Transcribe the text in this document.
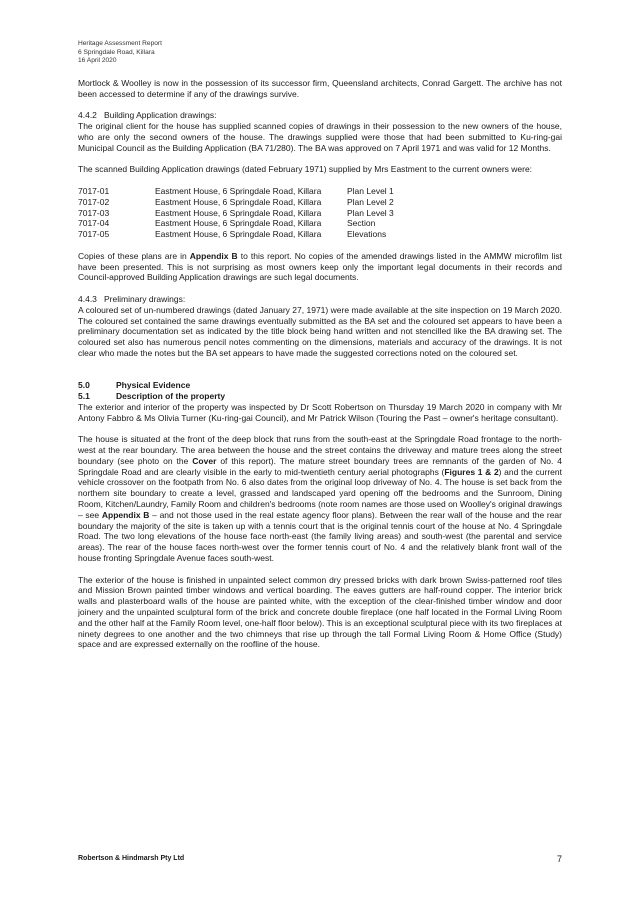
Heritage Assessment Report
6 Springdale Road, Killara
16 April 2020

Mortlock & Woolley is now in the possession of its successor firm, Queensland architects, Conrad Gargett. The archive has not been accessed to determine if any of the drawings survive.

4.4.2 Building Application drawings:

The original client for the house has supplied scanned copies of drawings in their possession to the new owners of the house, who are only the second owners of the house. The drawings supplied were those that had been submitted to Ku-ring-gai Municipal Council as the Building Application (BA 71/280). The BA was approved on 7 April 1971 and was valid for 12 Months.

The scanned Building Application drawings (dated February 1971) supplied by Mrs Eastment to the current owners were:

7017-01	Eastment House, 6 Springdale Road, Killara	Plan Level 1
7017-02	Eastment House, 6 Springdale Road, Killara	Plan Level 2
7017-03	Eastment House, 6 Springdale Road, Killara	Plan Level 3
7017-04	Eastment House, 6 Springdale Road, Killara	Section
7017-05	Eastment House, 6 Springdale Road, Killara	Elevations

Copies of these plans are in Appendix B to this report. No copies of the amended drawings listed in the AMMW microfilm list have been presented. This is not surprising as most owners keep only the important legal documents in their records and Council-approved Building Application drawings are such legal documents.

4.4.3 Preliminary drawings:

A coloured set of un-numbered drawings (dated January 27, 1971) were made available at the site inspection on 19 March 2020. The coloured set contained the same drawings eventually submitted as the BA set and the coloured set appears to have been a preliminary documentation set as indicated by the title block being hand written and not stencilled like the BA drawing set. The coloured set also has numerous pencil notes commenting on the dimensions, materials and accuracy of the drawings. It is not clear who made the notes but the BA set appears to have made the suggested corrections noted on the coloured set.

5.0	Physical Evidence
5.1	Description of the property

The exterior and interior of the property was inspected by Dr Scott Robertson on Thursday 19 March 2020 in company with Mr Antony Fabbro & Ms Olivia Turner (Ku-ring-gai Council), and Mr Patrick Wilson (Touring the Past – owner's heritage consultant).

The house is situated at the front of the deep block that runs from the south-east at the Springdale Road frontage to the north-west at the rear boundary. The area between the house and the street contains the driveway and mature trees along the street boundary (see photo on the Cover of this report). The mature street boundary trees are remnants of the garden of No. 4 Springdale Road and are clearly visible in the early to mid-twentieth century aerial photographs (Figures 1 & 2) and the current vehicle crossover on the footpath from No. 6 also dates from the original loop driveway of No. 4. The house is set back from the northern site boundary to create a level, grassed and landscaped yard opening off the bedrooms and the Sunroom, Dining Room, Kitchen/Laundry, Family Room and children's bedrooms (note room names are those used on Woolley's original drawings – see Appendix B – and not those used in the real estate agency floor plans). Between the rear wall of the house and the rear boundary the majority of the site is taken up with a tennis court that is the original tennis court of the house at No. 4 Springdale Road. The two long elevations of the house face north-east (the family living areas) and south-west (the parental and service areas). The rear of the house faces north-west over the former tennis court of No. 4 and the relatively blank front wall of the house fronting Springdale Avenue faces south-west.

The exterior of the house is finished in unpainted select common dry pressed bricks with dark brown Swiss-patterned roof tiles and Mission Brown painted timber windows and vertical boarding. The eaves gutters are half-round copper. The interior brick walls and plasterboard walls of the house are painted white, with the exception of the clear-finished timber window and door joinery and the unpainted sculptural form of the brick and concrete double fireplace (one half located in the Formal Living Room and the other half at the Family Room level, one-half floor below). This is an exceptional sculptural piece with its two fireplaces at ninety degrees to one another and the two chimneys that rise up through the tall Formal Living Room & Home Office (Study) space and are expressed externally on the roofline of the house.

Robertson & Hindmarsh Pty Ltd	7
